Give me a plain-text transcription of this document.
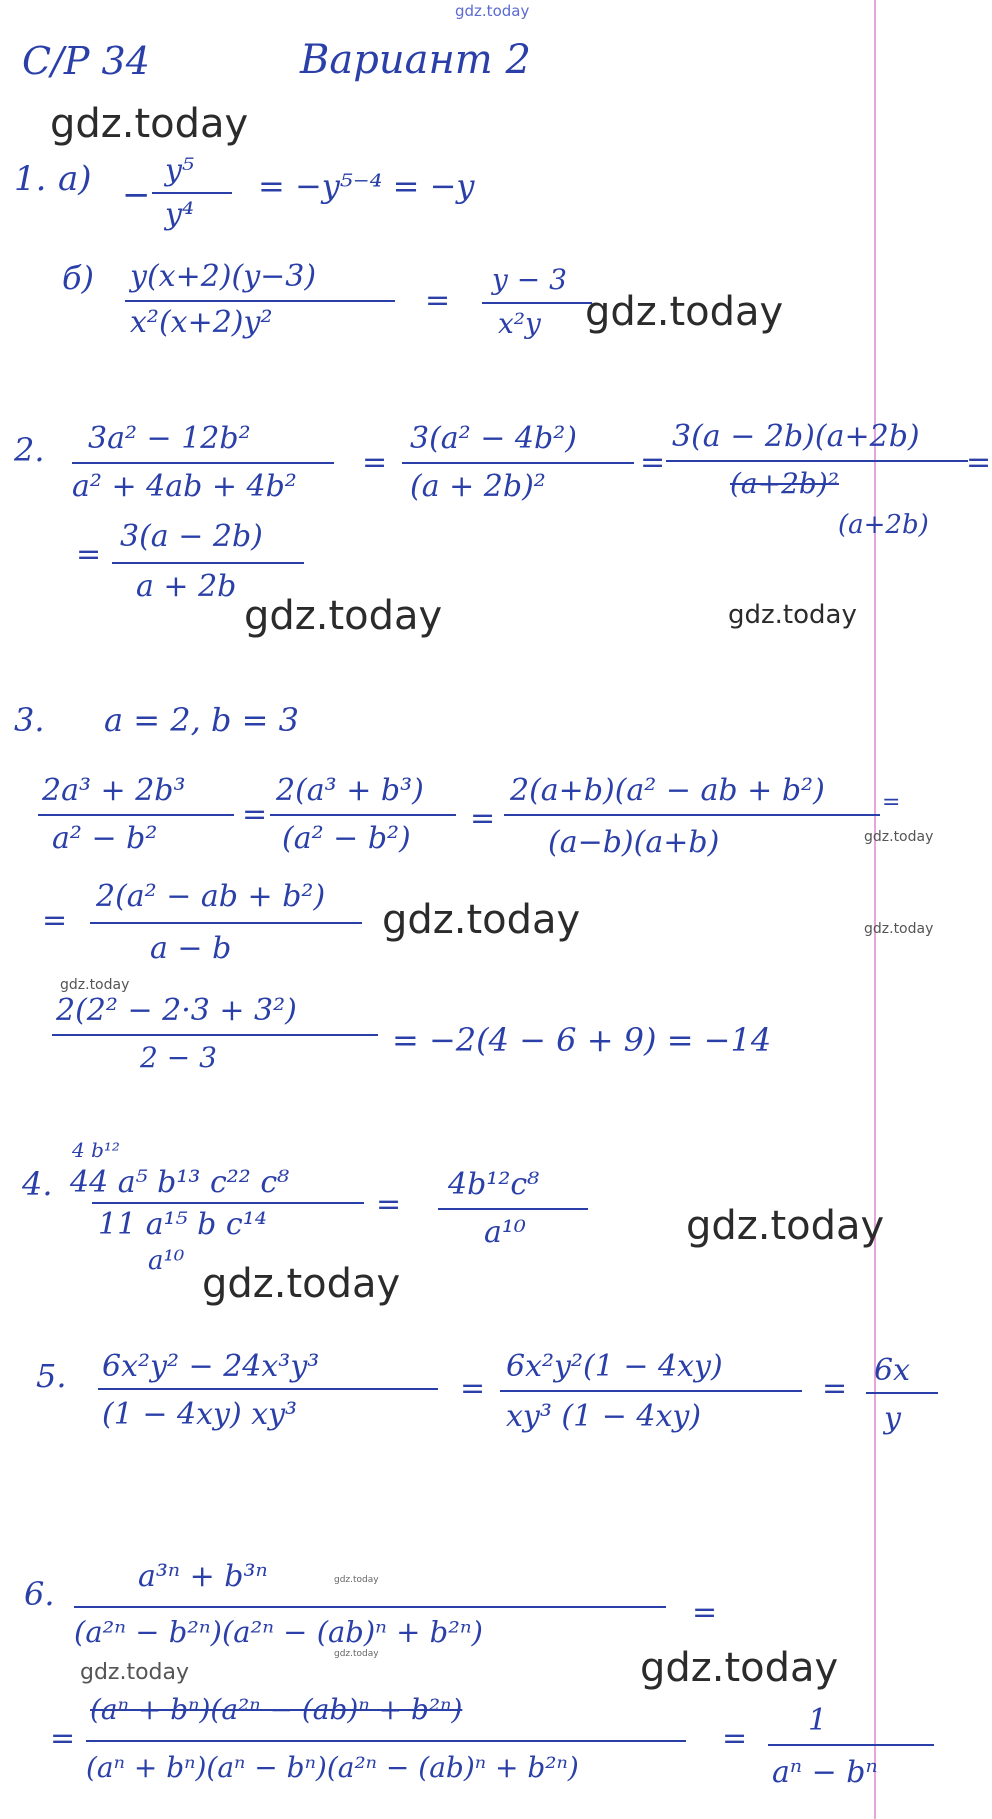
gdz.today
С/Р 34	Вариант 2
gdz.today
1. а) −
y⁵
y⁴
= −y⁵⁻⁴ = −y
б) y(x+2)(y−3)
x²(x+2)y²
=
y − 3
x²y gdz.today
2. 3a² − 12b²
a² + 4ab + 4b²
=
3(a² − 4b²)
(a + 2b)²
=
3(a − 2b)(a+2b)
(a+2b)²
(a+2b)
=
=
3(a − 2b)
a + 2b
gdz.today	gdz.today
3. a = 2, b = 3
2a³ + 2b³
a² − b²
=
2(a³ + b³)
(a² − b²)
=
2(a+b)(a² − ab + b²)
(a−b)(a+b)
=
gdz.today
=
2(a² − ab + b²)
a − b
gdz.today	gdz.today
gdz.today
2(2² − 2·3 + 3²)
2 − 3	= −2(4 − 6 + 9) = −14
4. 44 a⁵ b¹³ c²² c⁸
4 b¹²
11 a¹⁵ b c¹⁴
a¹⁰
=
4b¹²c⁸
a¹⁰	gdz.today
gdz.today
5. 6x²y² − 24x³y³
(1 − 4xy) xy³
=
6x²y²(1 − 4xy)
xy³ (1 − 4xy)
=
6x
y
6.	a³ⁿ + b³ⁿ	gdz.today
(a²ⁿ − b²ⁿ)(a²ⁿ − (ab)ⁿ + b²ⁿ)
gdz.today
=
gdz.today	gdz.today
=
(aⁿ + bⁿ)(a²ⁿ − (ab)ⁿ + b²ⁿ)
(aⁿ + bⁿ)(aⁿ − bⁿ)(a²ⁿ − (ab)ⁿ + b²ⁿ)
=
1
aⁿ − bⁿ
